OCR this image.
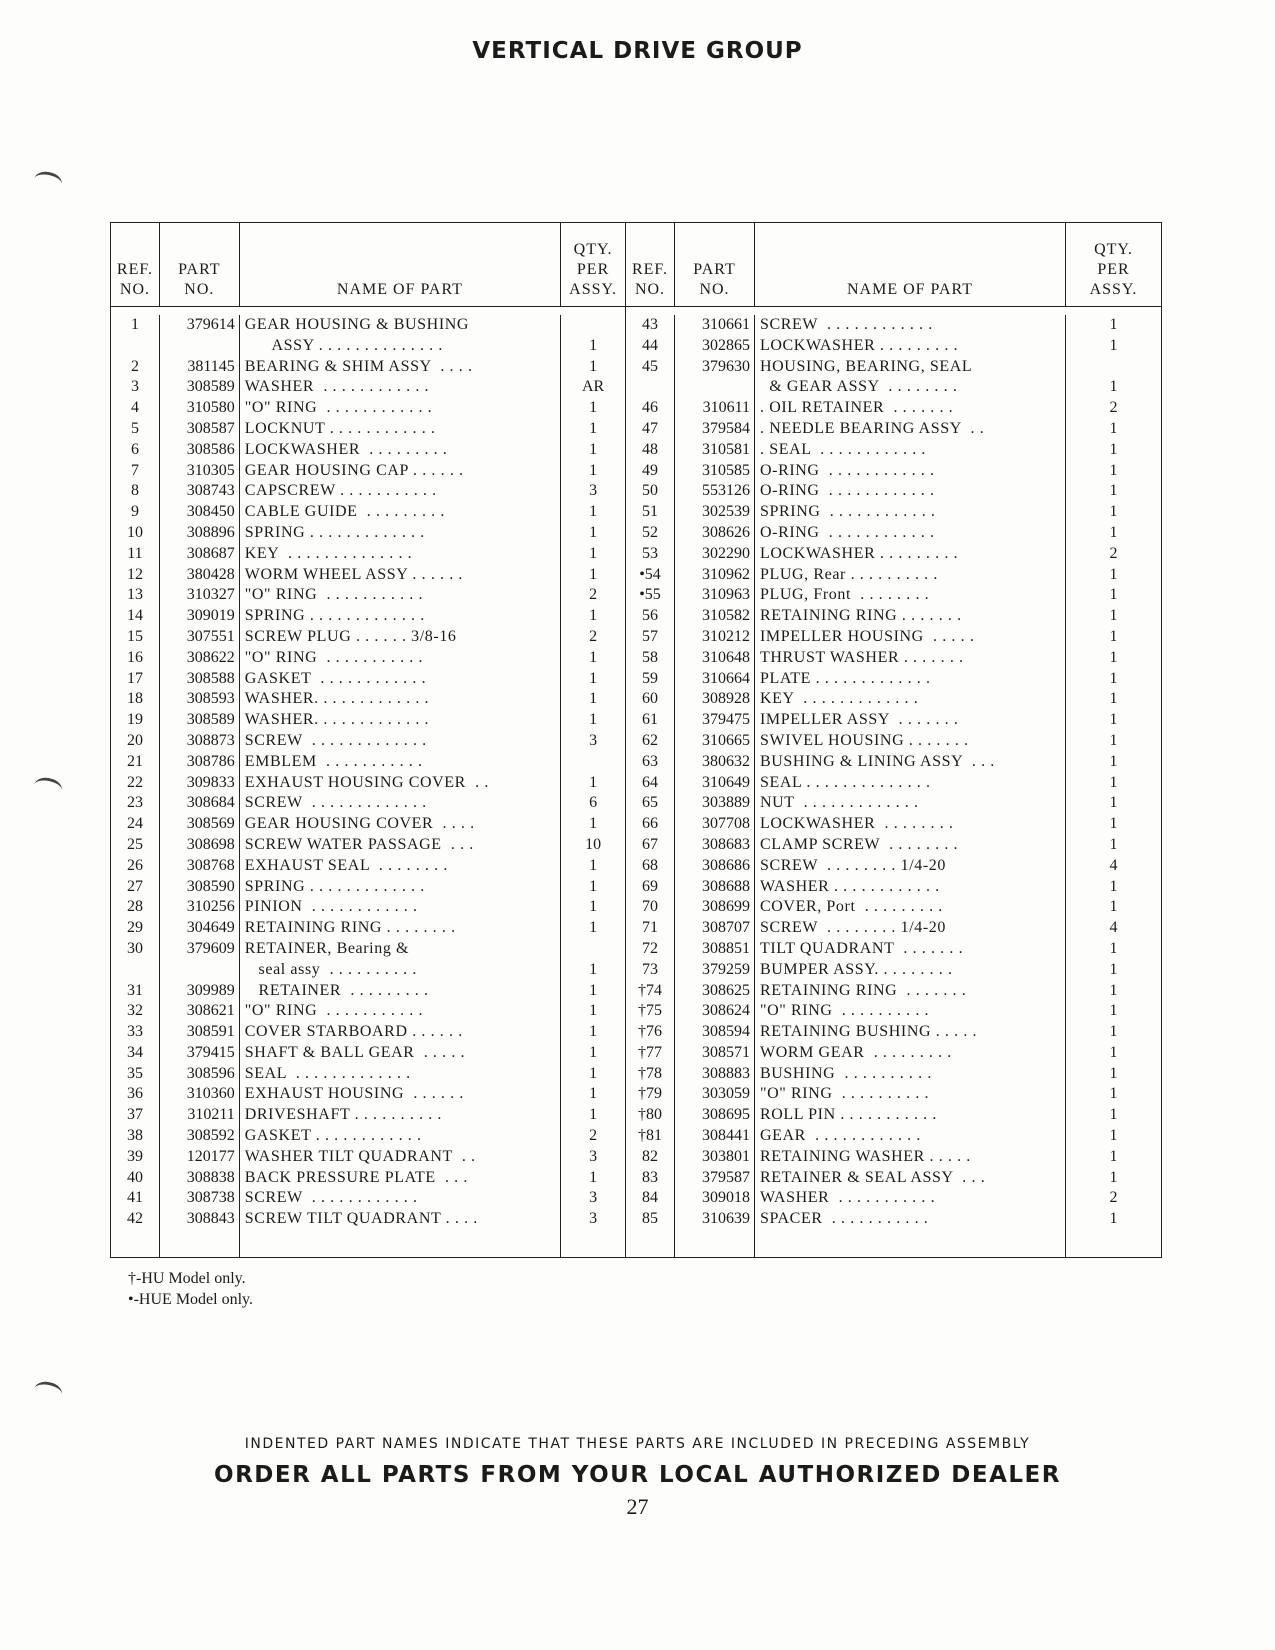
VERTICAL DRIVE GROUP
REF.
NO.
PART
NO.	NAME OF PART
QTY.
PER
ASSY.
1
2
3
4
5
6
7
8
9
10
11
12
13
14
15
16
17
18
19
20
21
22
23
24
25
26
27
28
29
30
31
32
33
34
35
36
37
38
39
40
41
42
379614
381145
308589
310580
308587
308586
310305
308743
308450
308896
308687
380428
310327
309019
307551
308622
308588
308593
308589
308873
308786
309833
308684
308569
308698
308768
308590
310256
304649
379609
309989
308621
308591
379415
308596
310360
310211
308592
120177
308838
308738
308843
GEAR HOUSING & BUSHING
ASSY . . . . . . . . . . . . . .
BEARING & SHIM ASSY  . . . .
WASHER  . . . . . . . . . . . .
"O" RING  . . . . . . . . . . . .
LOCKNUT . . . . . . . . . . . .
LOCKWASHER  . . . . . . . . .
GEAR HOUSING CAP . . . . . .
CAPSCREW . . . . . . . . . . .
CABLE GUIDE  . . . . . . . . .
SPRING . . . . . . . . . . . . .
KEY  . . . . . . . . . . . . . .
WORM WHEEL ASSY . . . . . .
"O" RING  . . . . . . . . . . .
SPRING . . . . . . . . . . . . .
SCREW PLUG . . . . . . 3/8-16
"O" RING  . . . . . . . . . . .
GASKET  . . . . . . . . . . . .
WASHER. . . . . . . . . . . . .
WASHER. . . . . . . . . . . . .
SCREW  . . . . . . . . . . . . .
EMBLEM  . . . . . . . . . . .
EXHAUST HOUSING COVER  . .
SCREW  . . . . . . . . . . . . .
GEAR HOUSING COVER  . . . .
SCREW WATER PASSAGE  . . .
EXHAUST SEAL  . . . . . . . .
SPRING . . . . . . . . . . . . .
PINION  . . . . . . . . . . . .
RETAINING RING . . . . . . . .
RETAINER, Bearing &
seal assy  . . . . . . . . . .
RETAINER  . . . . . . . . .
"O" RING  . . . . . . . . . . .
COVER STARBOARD . . . . . .
SHAFT & BALL GEAR  . . . . .
SEAL  . . . . . . . . . . . . .
EXHAUST HOUSING  . . . . . .
DRIVESHAFT . . . . . . . . . .
GASKET . . . . . . . . . . . .
WASHER TILT QUADRANT  . .
BACK PRESSURE PLATE  . . .
SCREW  . . . . . . . . . . . .
SCREW TILT QUADRANT . . . .
1
1
AR
1
1
1
1
3
1
1
1
1
2
1
2
1
1
1
1
3
1
6
1
10
1
1
1
1
1
1
1
1
1
1
1
1
2
3
1
3
3
REF.
NO.
PART
NO.	NAME OF PART
QTY.
PER
ASSY.
43
44
45
46
47
48
49
50
51
52
53
•54
•55
56
57
58
59
60
61
62
63
64
65
66
67
68
69
70
71
72
73
†74
†75
†76
†77
†78
†79
†80
†81
82
83
84
85
310661
302865
379630
310611
379584
310581
310585
553126
302539
308626
302290
310962
310963
310582
310212
310648
310664
308928
379475
310665
380632
310649
303889
307708
308683
308686
308688
308699
308707
308851
379259
308625
308624
308594
308571
308883
303059
308695
308441
303801
379587
309018
310639
SCREW  . . . . . . . . . . . .
LOCKWASHER . . . . . . . . .
HOUSING, BEARING, SEAL
& GEAR ASSY  . . . . . . . .
. OIL RETAINER  . . . . . . .
. NEEDLE BEARING ASSY  . .
. SEAL  . . . . . . . . . . . .
O-RING  . . . . . . . . . . . .
O-RING  . . . . . . . . . . . .
SPRING  . . . . . . . . . . . .
O-RING  . . . . . . . . . . . .
LOCKWASHER . . . . . . . . .
PLUG, Rear . . . . . . . . . .
PLUG, Front  . . . . . . . .
RETAINING RING . . . . . . .
IMPELLER HOUSING  . . . . .
THRUST WASHER . . . . . . .
PLATE . . . . . . . . . . . . .
KEY  . . . . . . . . . . . . .
IMPELLER ASSY  . . . . . . .
SWIVEL HOUSING . . . . . . .
BUSHING & LINING ASSY  . . .
SEAL . . . . . . . . . . . . . .
NUT  . . . . . . . . . . . . .
LOCKWASHER  . . . . . . . .
CLAMP SCREW  . . . . . . . .
SCREW  . . . . . . . . 1/4-20
WASHER . . . . . . . . . . . .
COVER, Port  . . . . . . . . .
SCREW  . . . . . . . . 1/4-20
TILT QUADRANT  . . . . . . .
BUMPER ASSY. . . . . . . . .
RETAINING RING  . . . . . . .
"O" RING  . . . . . . . . . .
RETAINING BUSHING . . . . .
WORM GEAR  . . . . . . . . .
BUSHING  . . . . . . . . . .
"O" RING  . . . . . . . . . .
ROLL PIN . . . . . . . . . . .
GEAR  . . . . . . . . . . . .
RETAINING WASHER . . . . .
RETAINER & SEAL ASSY  . . .
WASHER  . . . . . . . . . . .
SPACER  . . . . . . . . . . .
1
1
1
2
1
1
1
1
1
1
2
1
1
1
1
1
1
1
1
1
1
1
1
1
1
4
1
1
4
1
1
1
1
1
1
1
1
1
1
1
1
2
1
†-HU Model only.
•-HUE Model only.
INDENTED PART NAMES INDICATE THAT THESE PARTS ARE INCLUDED IN PRECEDING ASSEMBLY
ORDER ALL PARTS FROM YOUR LOCAL AUTHORIZED DEALER
27
